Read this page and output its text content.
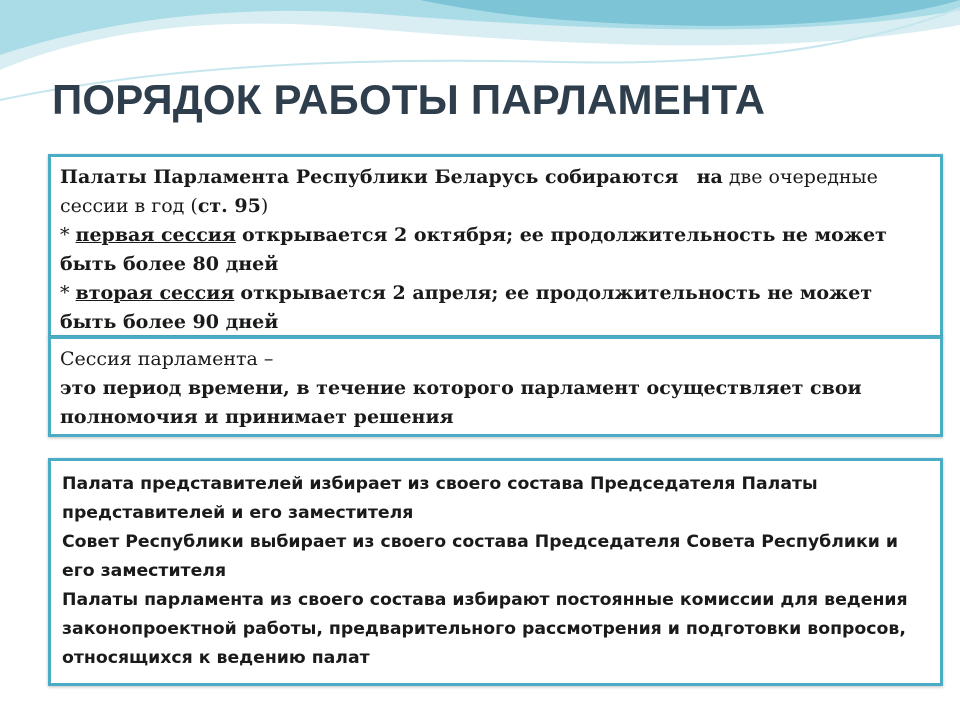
ПОРЯДОК РАБОТЫ ПАРЛАМЕНТА

Палаты Парламента Республики Беларусь собираются на две очередные сессии в год (ст. 95)

* первая сессия открывается 2 октября; ее продолжительность не может быть более 80 дней

* вторая сессия открывается 2 апреля; ее продолжительность не может быть более 90 дней

Сессия парламента –

это период времени, в течение которого парламент осуществляет свои полномочия и принимает решения

Палата представителей избирает из своего состава Председателя Палаты представителей и его заместителя

Совет Республики выбирает из своего состава Председателя Совета Республики и его заместителя

Палаты парламента из своего состава избирают постоянные комиссии для ведения законопроектной работы, предварительного рассмотрения и подготовки вопросов, относящихся к ведению палат
